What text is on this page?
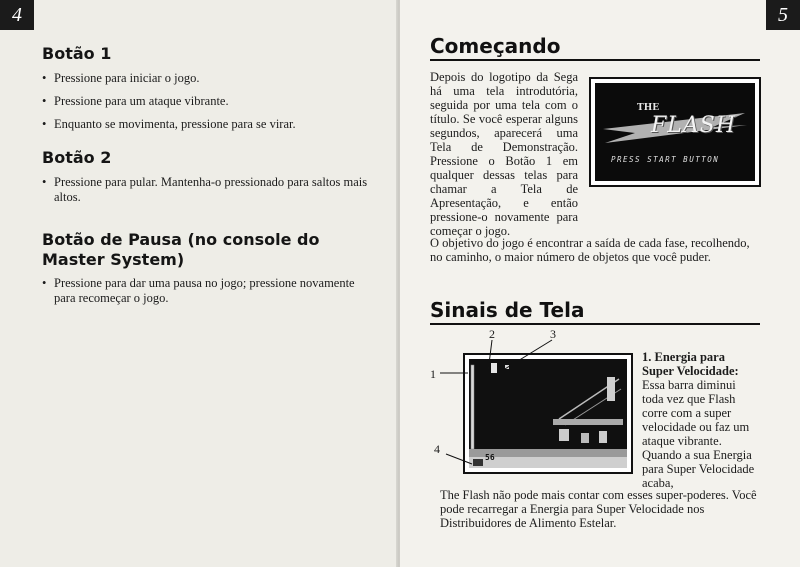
4
Botão 1
• Pressione para iniciar o jogo.
• Pressione para um ataque vibrante.
• Enquanto se movimenta, pressione para se virar.
Botão 2
• Pressione para pular. Mantenha-o pressionado para saltos mais altos.
Botão de Pausa (no console do Master System)
• Pressione para dar uma pausa no jogo; pressione novamente para recomeçar o jogo.
5
Começando
THE
FLASH
PRESS START BUTTON

Depois do logotipo da Sega há uma tela introdutória, seguida por uma tela com o título. Se você esperar alguns segundos, aparecerá uma Tela de Demonstração. Pressione o Botão 1 em qualquer dessas telas para chamar a Tela de Apresentação, e então pressione-o novamente para começar o jogo.

O objetivo do jogo é encontrar a saída de cada fase, recolhendo, no caminho, o maior número de objetos que você puder.

Sinais de Tela
56
1
2	3
4

1. Energia para Super Velocidade: Essa barra diminui toda vez que Flash corre com a super velocidade ou faz um ataque vibrante. Quando a sua Energia para Super Velocidade acaba,

The Flash não pode mais contar com esses super-poderes. Você pode recarregar a Energia para Super Velocidade nos Distribuidores de Alimento Estelar.
